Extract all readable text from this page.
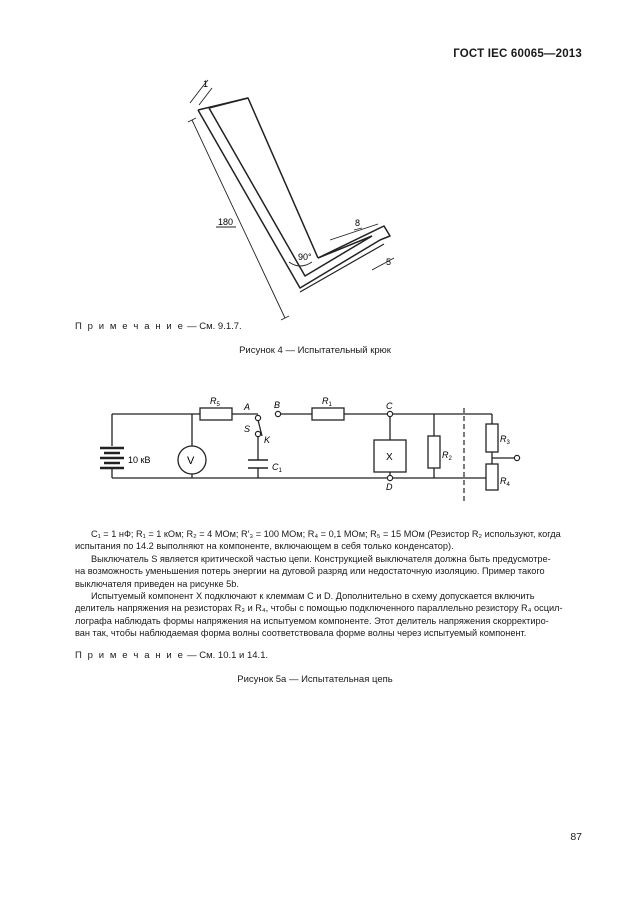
ГОСТ IEC 60065—2013
1
180	8
5
90°
П р и м е ч а н и е — См. 9.1.7.
Рисунок 4 — Испытательный крюк
$R_5$	$R_1$
$R_2$
$R_3$
$R_4$
$C_1$
A	B	C
D
S
K
10 кВ	V	X

C₁ = 1 нФ; R₁ = 1 кОм; R₂ = 4 МОм; R′₃ = 100 МОм; R₄ = 0,1 МОм; R₅ = 15 МОм (Резистор R₂ используют, когда

испытания по 14.2 выполняют на компоненте, включающем в себя только конденсатор).

Выключатель S является критической частью цепи. Конструкцией выключателя должна быть предусмотре-

на возможность уменьшения потерь энергии на дуговой разряд или недостаточную изоляцию. Пример такого

выключателя приведен на рисунке 5b.

Испытуемый компонент X подключают к клеммам C и D. Дополнительно в схему допускается включить

делитель напряжения на резисторах R₃ и R₄, чтобы с помощью подключенного параллельно резистору R₄ осцил-

лографа наблюдать формы напряжения на испытуемом компоненте. Этот делитель напряжения скорректиро-

ван так, чтобы наблюдаемая форма волны соответствовала форме волны через испытуемый компонент.

П р и м е ч а н и е — См. 10.1 и 14.1.
Рисунок 5а — Испытательная цепь
87
